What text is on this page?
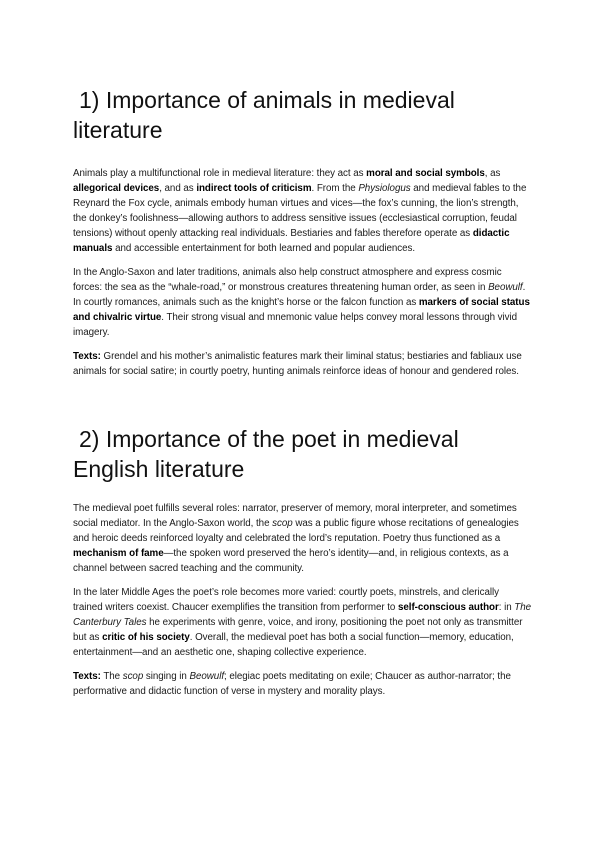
1) Importance of animals in medieval literature

Animals play a multifunctional role in medieval literature: they act as moral and social symbols, as allegorical devices, and as indirect tools of criticism. From the Physiologus and medieval fables to the Reynard the Fox cycle, animals embody human virtues and vices—the fox’s cunning, the lion’s strength, the donkey’s foolishness—allowing authors to address sensitive issues (ecclesiastical corruption, feudal tensions) without openly attacking real individuals. Bestiaries and fables therefore operate as didactic manuals and accessible entertainment for both learned and popular audiences.

In the Anglo-Saxon and later traditions, animals also help construct atmosphere and express cosmic forces: the sea as the “whale-road,” or monstrous creatures threatening human order, as seen in Beowulf. In courtly romances, animals such as the knight’s horse or the falcon function as markers of social status and chivalric virtue. Their strong visual and mnemonic value helps convey moral lessons through vivid imagery.

Texts: Grendel and his mother’s animalistic features mark their liminal status; bestiaries and fabliaux use animals for social satire; in courtly poetry, hunting animals reinforce ideas of honour and gendered roles.

2) Importance of the poet in medieval English literature

The medieval poet fulfills several roles: narrator, preserver of memory, moral interpreter, and sometimes social mediator. In the Anglo-Saxon world, the scop was a public figure whose recitations of genealogies and heroic deeds reinforced loyalty and celebrated the lord’s reputation. Poetry thus functioned as a mechanism of fame—the spoken word preserved the hero’s identity—and, in religious contexts, as a channel between sacred teaching and the community.

In the later Middle Ages the poet’s role becomes more varied: courtly poets, minstrels, and clerically trained writers coexist. Chaucer exemplifies the transition from performer to self-conscious author: in The Canterbury Tales he experiments with genre, voice, and irony, positioning the poet not only as transmitter but as critic of his society. Overall, the medieval poet has both a social function—memory, education, entertainment—and an aesthetic one, shaping collective experience.

Texts: The scop singing in Beowulf; elegiac poets meditating on exile; Chaucer as author-narrator; the performative and didactic function of verse in mystery and morality plays.
